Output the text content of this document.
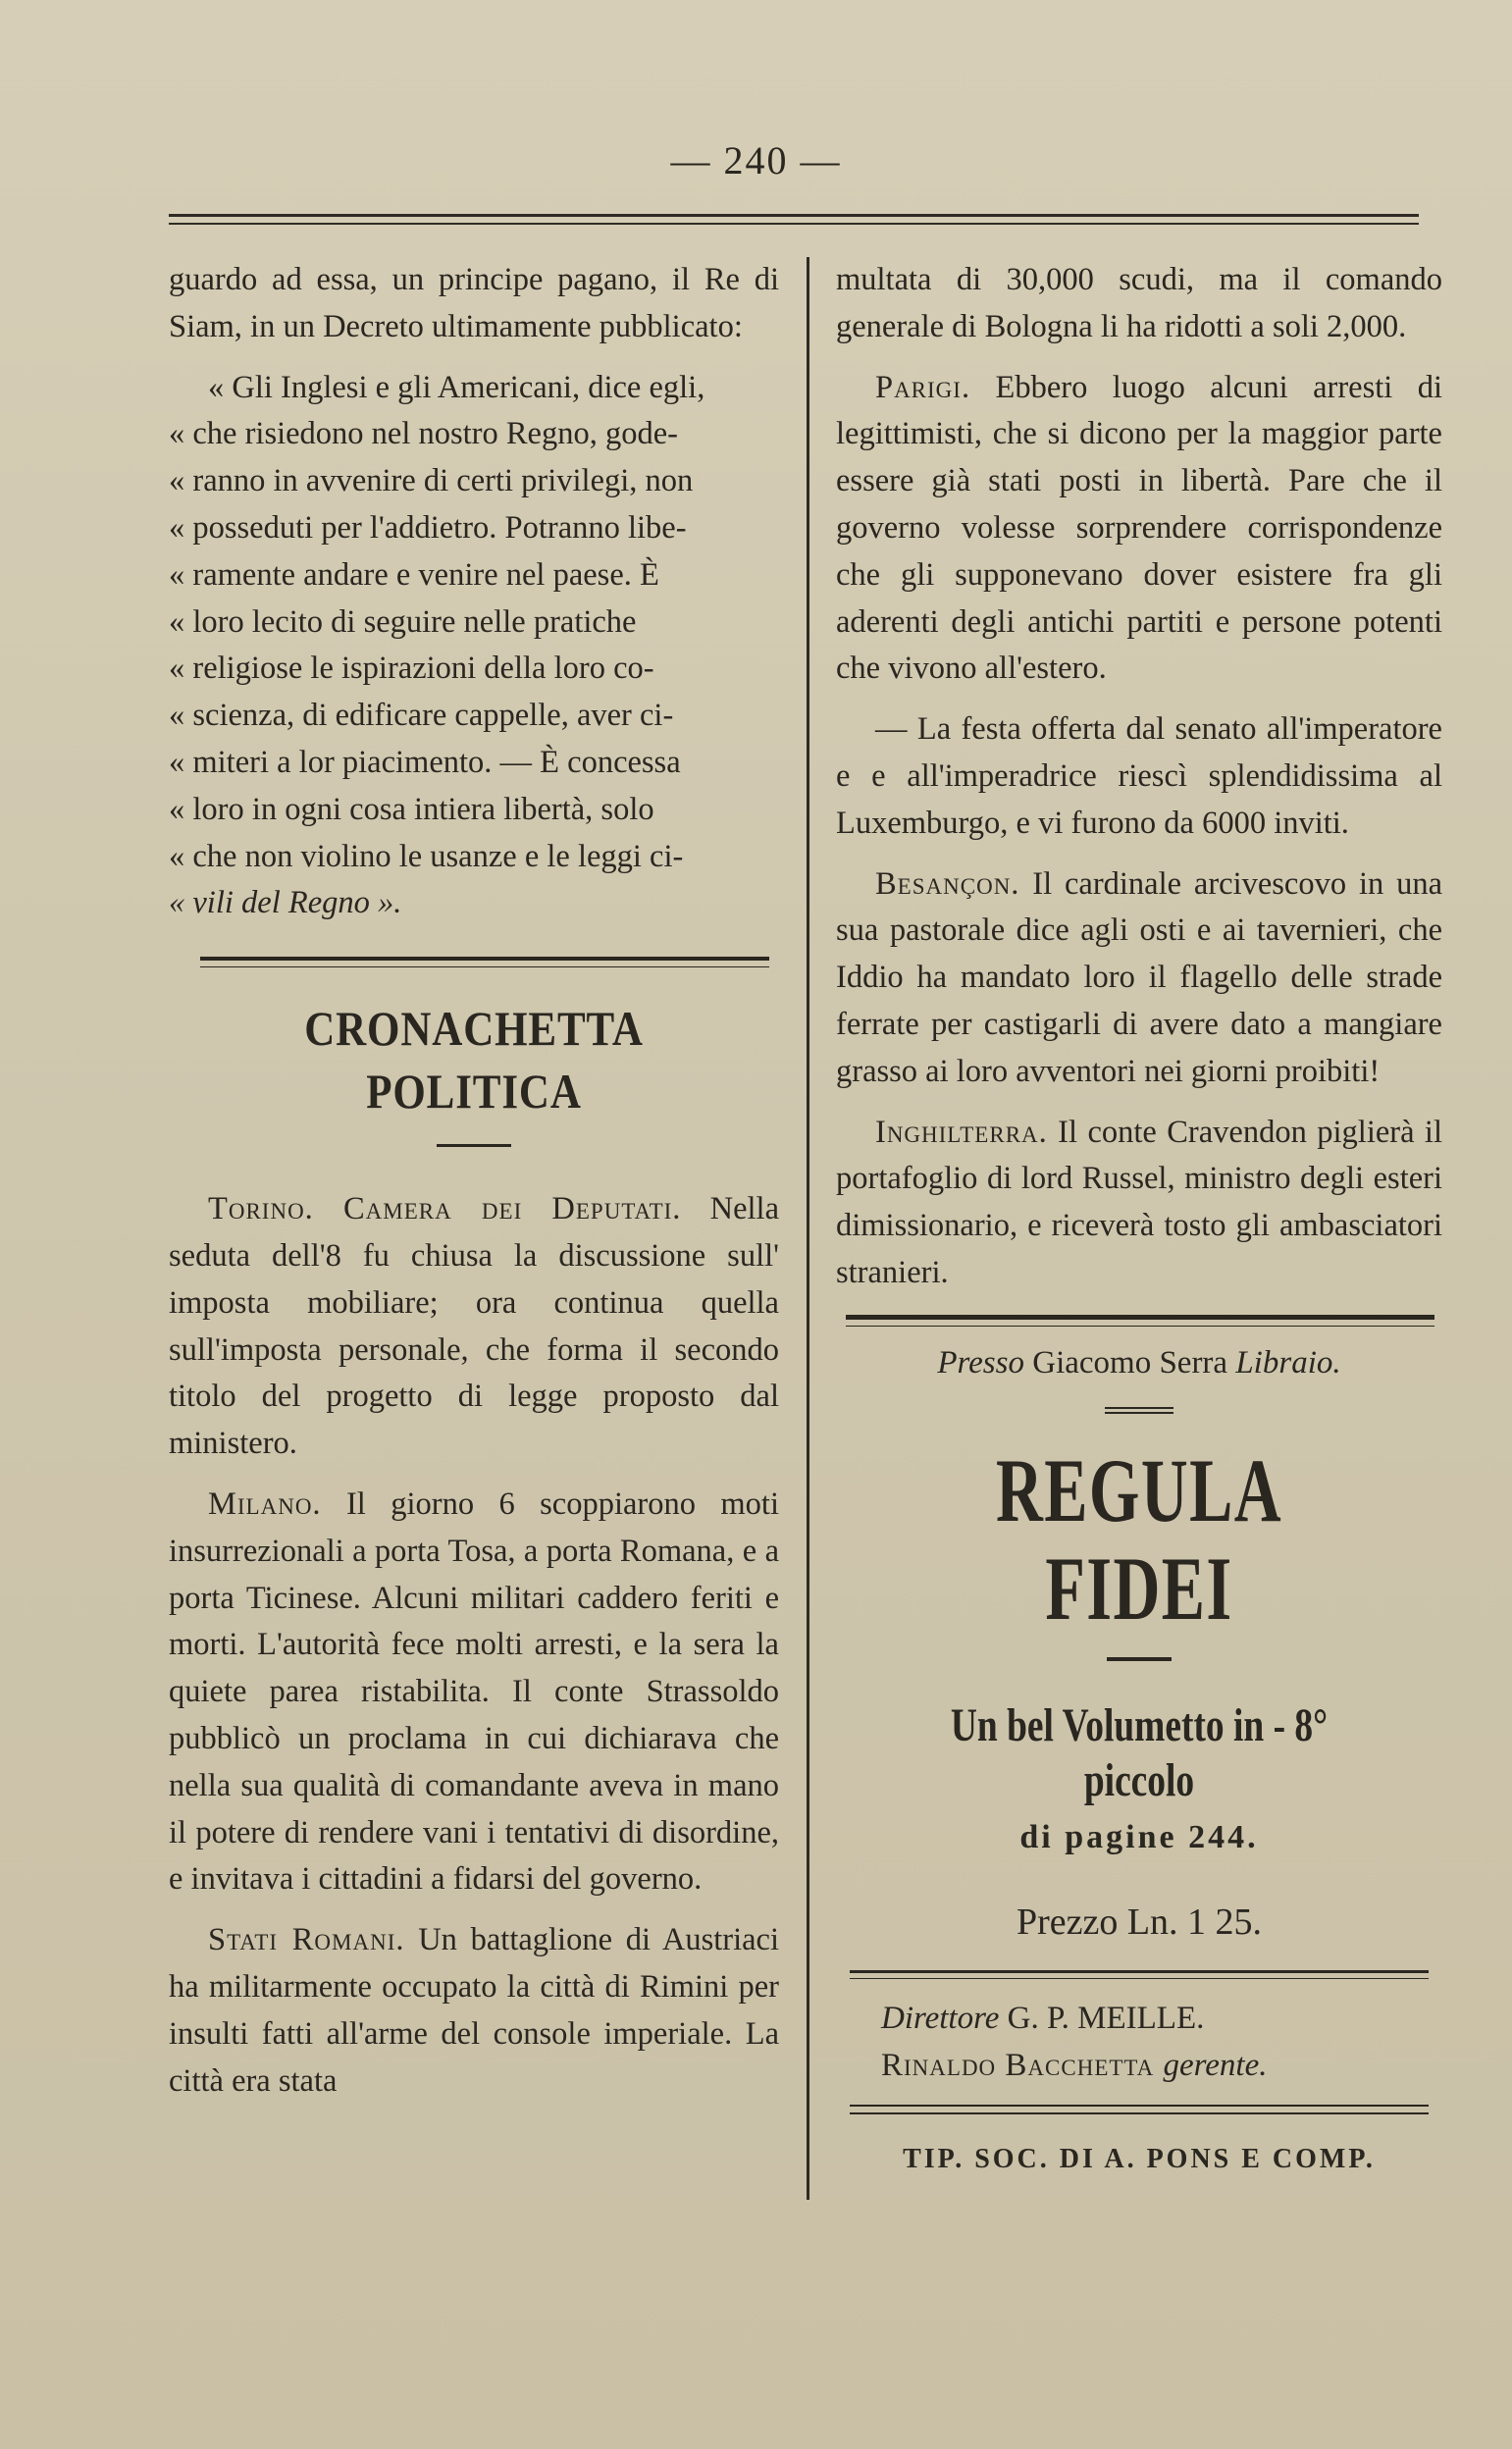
— 240 —

guardo ad essa, un principe pagano, il Re di Siam, in un Decreto ultimamente pubblicato:

« Gli Inglesi e gli Americani, dice egli,

« che risiedono nel nostro Regno, gode-

« ranno in avvenire di certi privilegi, non

« posseduti per l'addietro. Potranno libe-

« ramente andare e venire nel paese. È

« loro lecito di seguire nelle pratiche

« religiose le ispirazioni della loro co-

« scienza, di edificare cappelle, aver ci-

« miteri a lor piacimento. — È concessa

« loro in ogni cosa intiera libertà, solo

« che non violino le usanze e le leggi ci-

« vili del Regno ».

CRONACHETTA POLITICA

Torino. Camera dei Deputati. Nella seduta dell'8 fu chiusa la discussione sull' imposta mobiliare; ora continua quella sull'imposta personale, che forma il secondo titolo del progetto di legge proposto dal ministero.

Milano. Il giorno 6 scoppiarono moti insurrezionali a porta Tosa, a porta Romana, e a porta Ticinese. Alcuni militari caddero feriti e morti. L'autorità fece molti arresti, e la sera la quiete parea ristabilita. Il conte Strassoldo pubblicò un proclama in cui dichiarava che nella sua qualità di comandante aveva in mano il potere di rendere vani i tentativi di disordine, e invitava i cittadini a fidarsi del governo.

Stati Romani. Un battaglione di Austriaci ha militarmente occupato la città di Rimini per insulti fatti all'arme del console imperiale. La città era stata

multata di 30,000 scudi, ma il comando generale di Bologna li ha ridotti a soli 2,000.

Parigi. Ebbero luogo alcuni arresti di legittimisti, che si dicono per la maggior parte essere già stati posti in libertà. Pare che il governo volesse sorprendere corrispondenze che gli supponevano dover esistere fra gli aderenti degli antichi partiti e persone potenti che vivono all'estero.

— La festa offerta dal senato all'imperatore e e all'imperadrice riescì splendidissima al Luxemburgo, e vi furono da 6000 inviti.

Besançon. Il cardinale arcivescovo in una sua pastorale dice agli osti e ai tavernieri, che Iddio ha mandato loro il flagello delle strade ferrate per castigarli di avere dato a mangiare grasso ai loro avventori nei giorni proibiti!

Inghilterra. Il conte Cravendon piglierà il portafoglio di lord Russel, ministro degli esteri dimissionario, e riceverà tosto gli ambasciatori stranieri.

Presso Giacomo Serra Libraio.
REGULA FIDEI
Un bel Volumetto in - 8° piccolo
di pagine 244.
Prezzo Ln. 1 25.
Direttore G. P. MEILLE.
Rinaldo Bacchetta gerente.
TIP. SOC. DI A. PONS E COMP.
